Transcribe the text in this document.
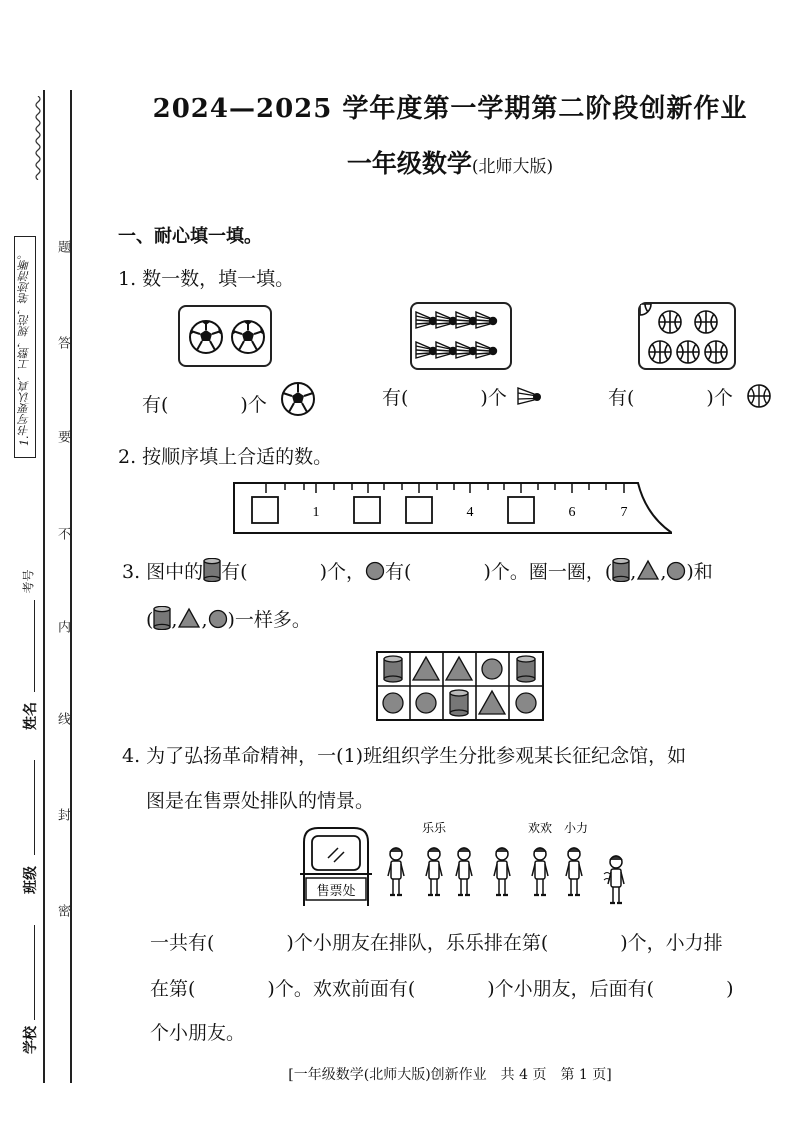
1.书写要认真、工整，规范，笔迹清晰。
学校
班级
姓名
考号
密
封
线
内
不
要
答
题
2024—2025 学年度第一学期第二阶段创新作业
一年级数学(北师大版)
一、耐心填一填。
1. 数一数，填一填。
有(	)个	有(	)个	有(	)个
2. 按顺序填上合适的数。
1	4	6	7
3. 图中的 有(	)个， 有(	)个。圈一圈，( , , )和
( , , )一样多。
4. 为了弘扬革命精神，一(1)班组织学生分批参观某长征纪念馆，如
图是在售票处排队的情景。
售票处
乐乐	欢欢 小力
一共有(	)个小朋友在排队，乐乐排在第(	)个，小力排
在第(	)个。欢欢前面有(	)个小朋友，后面有(	)
个小朋友。
[一年级数学(北师大版)创新作业　共 4 页　第 1 页]
